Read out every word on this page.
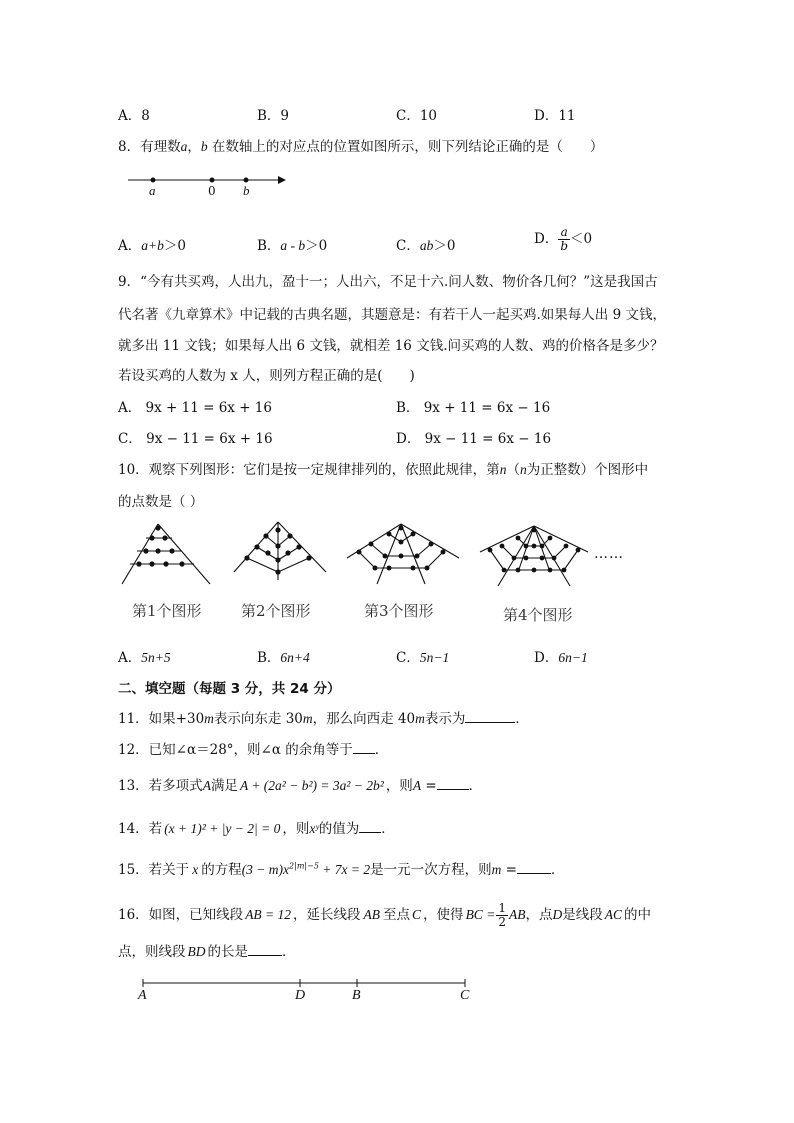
A．8	B．9	C．10	D．11
8．有理数a，b 在数轴上的对应点的位置如图所示，则下列结论正确的是（　　）
a	0 b
A．a+b＞0	B．a - b＞0	C．ab＞0	D． $\frac{a}{b} <0$
9．“今有共买鸡，人出九，盈十一；人出六，不足十六.问人数、物价各几何？”这是我国古
代名著《九章算术》中记载的古典名题，其题意是：有若干人一起买鸡.如果每人出 9 文钱，
就多出 11 文钱；如果每人出 6 文钱，就相差 16 文钱.问买鸡的人数、鸡的价格各是多少？
若设买鸡的人数为 x 人，则列方程正确的是(　　)
A． 9x + 11 = 6x + 16	B． 9x + 11 = 6x − 16
C． 9x − 11 = 6x + 16	D． 9x − 11 = 6x − 16
10．观察下列图形：它们是按一定规律排列的，依照此规律，第n（n为正整数）个图形中
的点数是（ ）
……
第1个图形	第2个图形	第3个图形	第4个图形
A．5n+5	B．6n+4	C．5n−1	D．6n−1
二、填空题（每题 3 分，共 24 分）
11．如果+30m表示向东走 30m，那么向西走 40m表示为	．
12．已知∠α＝28°，则∠α 的余角等于 ．
13．若多项式A满足 A + (2a² − b²) = 3a² − 2b² ，则A = ．
14．若 (x + 1)² + |y − 2| = 0 ，则xʸ的值为 ．
15．若关于 x 的方程$(3 - m)x^{2|m|-5} + 7x = 2$是一元一次方程，则m =	．
16．如图，已知线段 AB = 12 ，延长线段 AB 至点 C ，使得 BC = $\frac{1}{2}$ AB，点D是线段 AC 的中
点，则线段 BD 的长是	．
A	D	B	C
